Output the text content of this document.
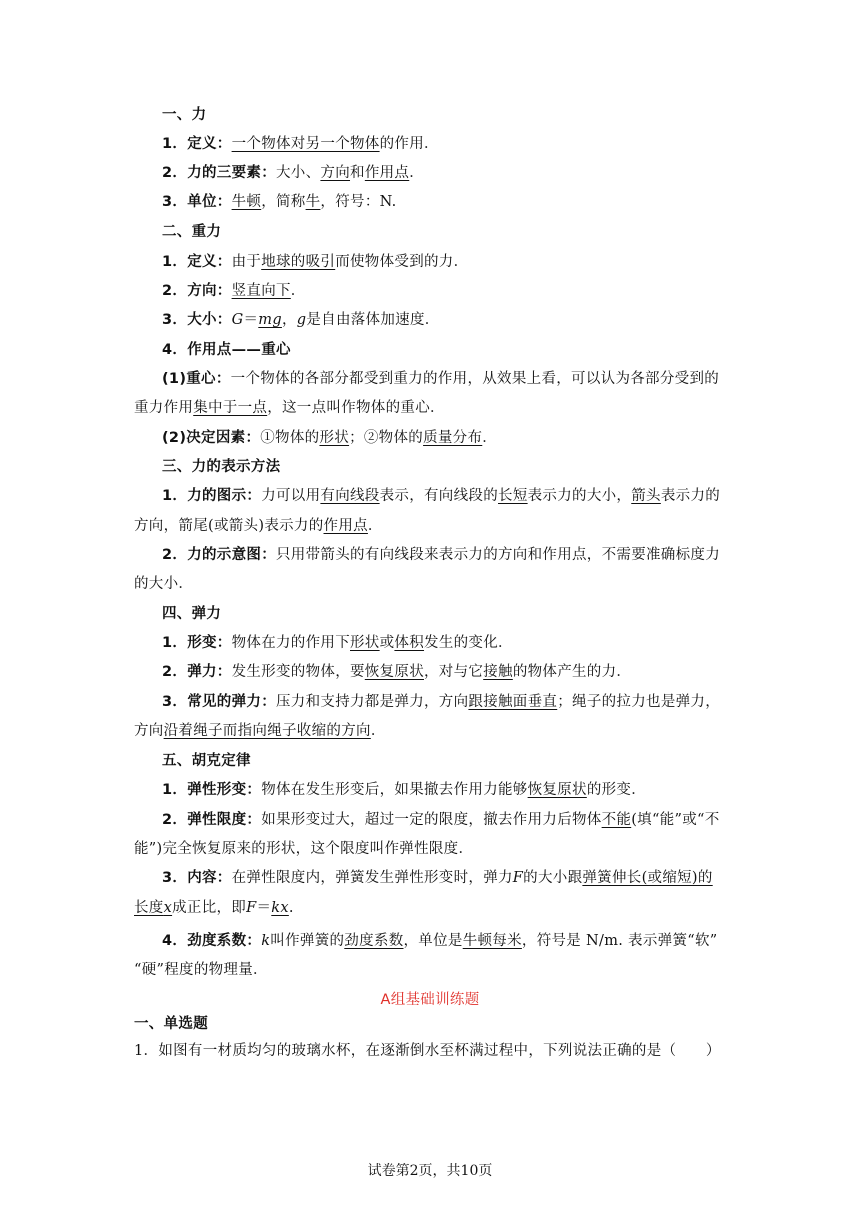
一、力
1．定义：一个物体对另一个物体的作用．
2．力的三要素：大小、方向和作用点．
3．单位：牛顿，简称牛，符号：N.
二、重力
1．定义：由于地球的吸引而使物体受到的力．
2．方向：竖直向下．
3．大小：G＝mg，g是自由落体加速度．
4．作用点——重心
(1)重心：一个物体的各部分都受到重力的作用，从效果上看，可以认为各部分受到的
重力作用集中于一点，这一点叫作物体的重心．
(2)决定因素：①物体的形状；②物体的质量分布．
三、力的表示方法
1．力的图示：力可以用有向线段表示，有向线段的长短表示力的大小，箭头表示力的
方向，箭尾(或箭头)表示力的作用点．
2．力的示意图：只用带箭头的有向线段来表示力的方向和作用点，不需要准确标度力
的大小．
四、弹力
1．形变：物体在力的作用下形状或体积发生的变化．
2．弹力：发生形变的物体，要恢复原状，对与它接触的物体产生的力．
3．常见的弹力：压力和支持力都是弹力，方向跟接触面垂直；绳子的拉力也是弹力，
方向沿着绳子而指向绳子收缩的方向．
五、胡克定律
1．弹性形变：物体在发生形变后，如果撤去作用力能够恢复原状的形变．
2．弹性限度：如果形变过大，超过一定的限度，撤去作用力后物体不能(填“能”或“不
能”)完全恢复原来的形状，这个限度叫作弹性限度．
3．内容：在弹性限度内，弹簧发生弹性形变时，弹力F的大小跟弹簧伸长(或缩短)的
长度x成正比，即F＝kx.
4．劲度系数：k叫作弹簧的劲度系数，单位是牛顿每米，符号是 N/m. 表示弹簧“软”
“硬”程度的物理量．
A组基础训练题
一、单选题
1．如图有一材质均匀的玻璃水杯，在逐渐倒水至杯满过程中，下列说法正确的是（　　）
试卷第2页，共10页
